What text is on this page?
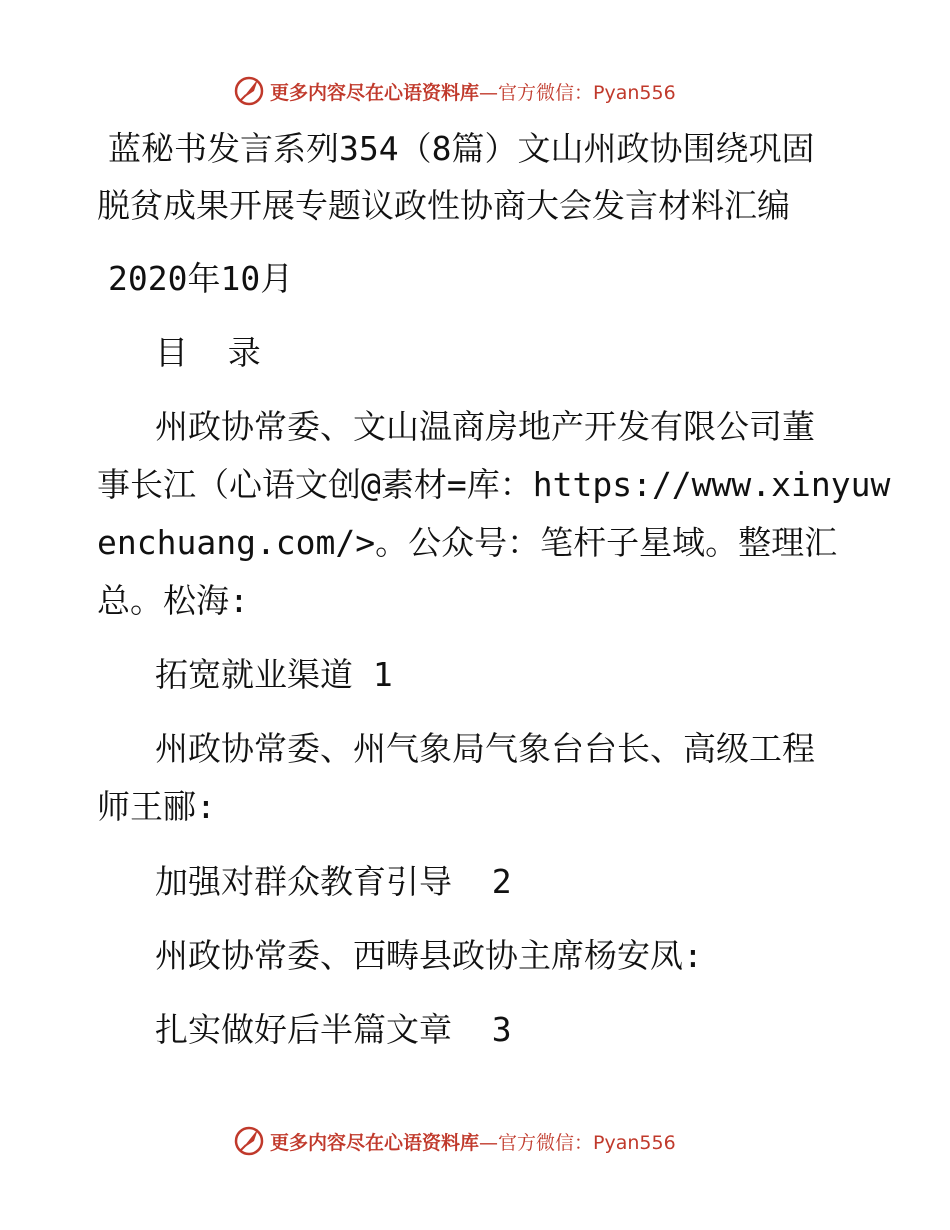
更多内容尽在心语资料库—官方微信：Pyan556
蓝秘书发言系列354（8篇）文山州政协围绕巩固
脱贫成果开展专题议政性协商大会发言材料汇编
2020年10月
目  录
州政协常委、文山温商房地产开发有限公司董
事长江（心语文创@素材=库：https://www.xinyuw
enchuang.com/>。公众号：笔杆子星域。整理汇
总。松海:
拓宽就业渠道 1
州政协常委、州气象局气象台台长、高级工程
师王郦:
加强对群众教育引导  2
州政协常委、西畴县政协主席杨安凤:
扎实做好后半篇文章  3
更多内容尽在心语资料库—官方微信：Pyan556
